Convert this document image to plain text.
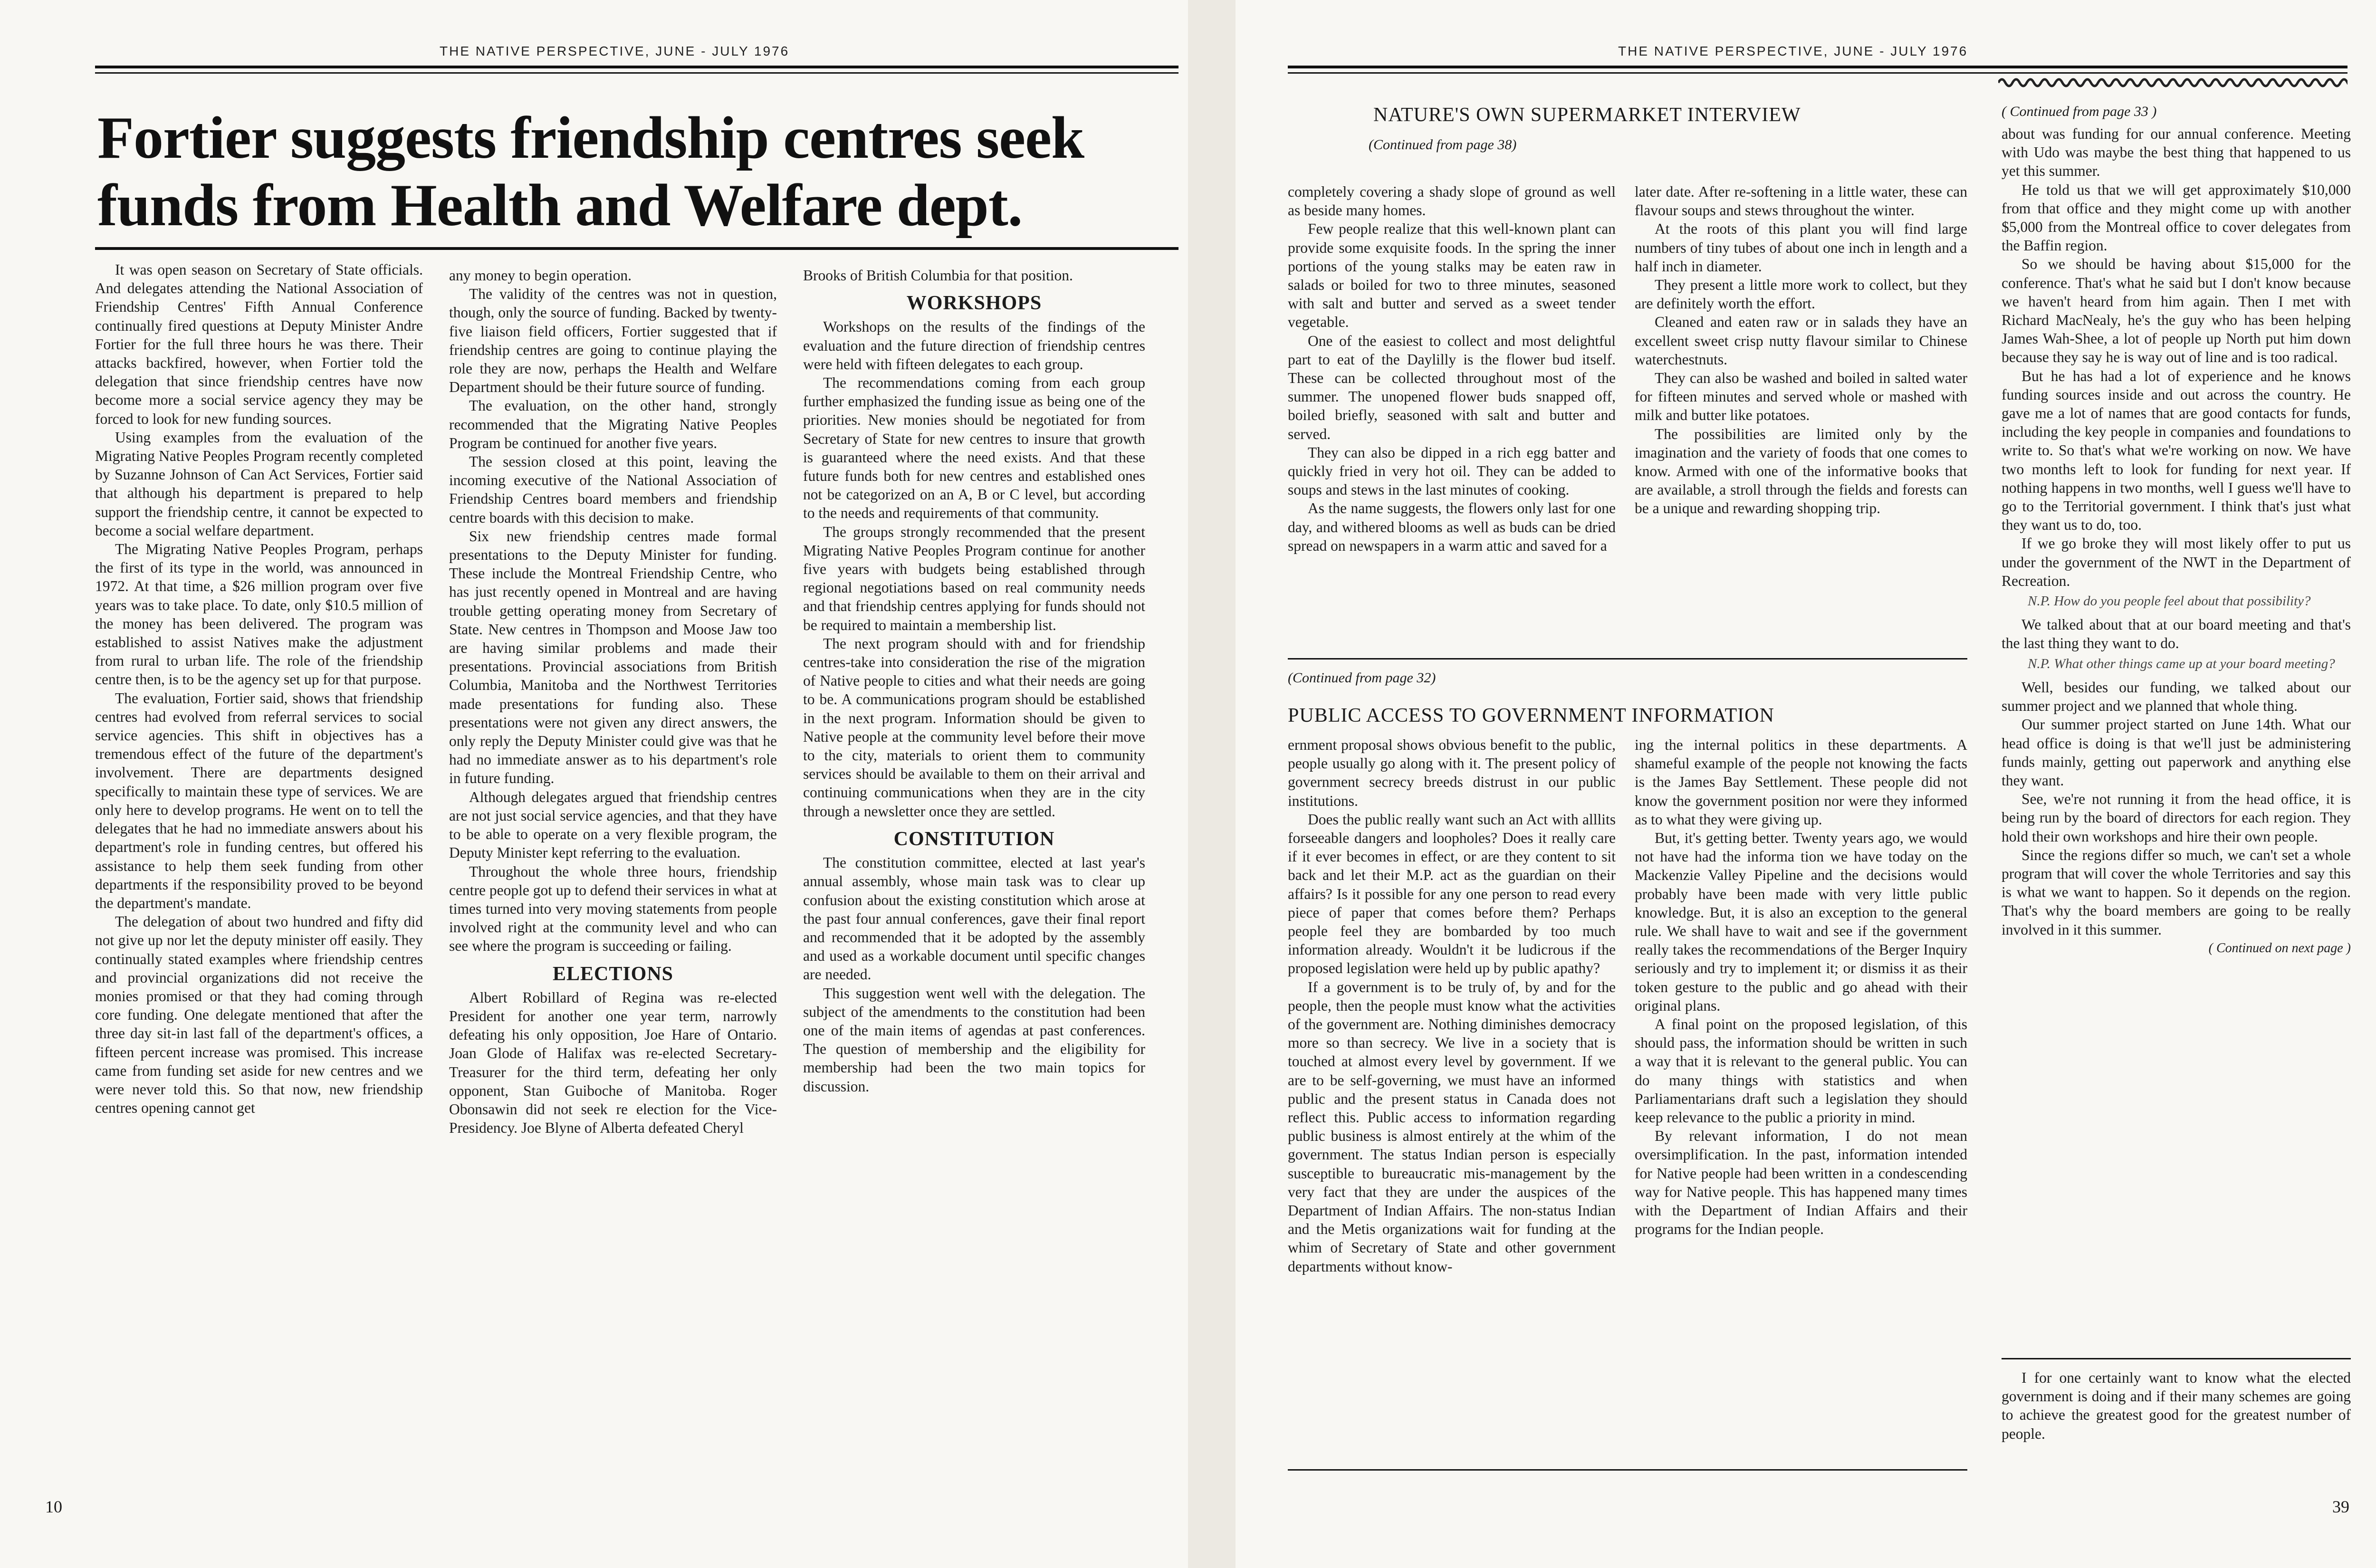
THE NATIVE PERSPECTIVE, JUNE - JULY 1976
Fortier suggests friendship centres seek funds from Health and Welfare dept.

It was open season on Secretary of State officials. And delegates attending the National Association of Friendship Centres' Fifth Annual Conference continually fired questions at Deputy Minister Andre Fortier for the full three hours he was there. Their attacks backfired, however, when Fortier told the delegation that since friendship centres have now become more a social service agency they may be forced to look for new funding sources.

Using examples from the evaluation of the Migrating Native Peoples Program recently completed by Suzanne Johnson of Can Act Services, Fortier said that although his department is prepared to help support the friendship centre, it cannot be expected to become a social welfare department.

The Migrating Native Peoples Program, perhaps the first of its type in the world, was announced in 1972. At that time, a $26 million program over five years was to take place. To date, only $10.5 million of the money has been delivered. The program was established to assist Natives make the adjustment from rural to urban life. The role of the friendship centre then, is to be the agency set up for that purpose.

The evaluation, Fortier said, shows that friendship centres had evolved from referral services to social service agencies. This shift in objectives has a tremendous effect of the future of the department's involvement. There are departments designed specifically to maintain these type of services. We are only here to develop programs. He went on to tell the delegates that he had no immediate answers about his department's role in funding centres, but offered his assistance to help them seek funding from other departments if the responsibility proved to be beyond the department's mandate.

The delegation of about two hundred and fifty did not give up nor let the deputy minister off easily. They continually stated examples where friendship centres and provincial organizations did not receive the monies promised or that they had coming through core funding. One delegate mentioned that after the three day sit-in last fall of the department's offices, a fifteen percent increase was promised. This increase came from funding set aside for new centres and we were never told this. So that now, new friendship centres opening cannot get

any money to begin operation.

The validity of the centres was not in question, though, only the source of funding. Backed by twenty-five liaison field officers, Fortier suggested that if friendship centres are going to continue playing the role they are now, perhaps the Health and Welfare Department should be their future source of funding.

The evaluation, on the other hand, strongly recommended that the Migrating Native Peoples Program be continued for another five years.

The session closed at this point, leaving the incoming executive of the National Association of Friendship Centres board members and friendship centre boards with this decision to make.

Six new friendship centres made formal presentations to the Deputy Minister for funding. These include the Montreal Friendship Centre, who has just recently opened in Montreal and are having trouble getting operating money from Secretary of State. New centres in Thompson and Moose Jaw too are having similar problems and made their presentations. Provincial associations from British Columbia, Manitoba and the Northwest Territories made presentations for funding also. These presentations were not given any direct answers, the only reply the Deputy Minister could give was that he had no immediate answer as to his department's role in future funding.

Although delegates argued that friendship centres are not just social service agencies, and that they have to be able to operate on a very flexible program, the Deputy Minister kept referring to the evaluation.

Throughout the whole three hours, friendship centre people got up to defend their services in what at times turned into very moving statements from people involved right at the community level and who can see where the program is succeeding or failing.

ELECTIONS

Albert Robillard of Regina was re-elected President for another one year term, narrowly defeating his only opposition, Joe Hare of Ontario. Joan Glode of Halifax was re-elected Secretary-Treasurer for the third term, defeating her only opponent, Stan Guiboche of Manitoba. Roger Obonsawin did not seek re election for the Vice-Presidency. Joe Blyne of Alberta defeated Cheryl

Brooks of British Columbia for that position.

WORKSHOPS

Workshops on the results of the findings of the evaluation and the future direction of friendship centres were held with fifteen delegates to each group.

The recommendations coming from each group further emphasized the funding issue as being one of the priorities. New monies should be negotiated for from Secretary of State for new centres to insure that growth is guaranteed where the need exists. And that these future funds both for new centres and established ones not be categorized on an A, B or C level, but according to the needs and requirements of that community.

The groups strongly recommended that the present Migrating Native Peoples Program continue for another five years with budgets being established through regional negotiations based on real community needs and that friendship centres applying for funds should not be required to maintain a membership list.

The next program should with and for friendship centres-take into consideration the rise of the migration of Native people to cities and what their needs are going to be. A communications program should be established in the next program. Information should be given to Native people at the community level before their move to the city, materials to orient them to community services should be available to them on their arrival and continuing communications when they are in the city through a newsletter once they are settled.

CONSTITUTION

The constitution committee, elected at last year's annual assembly, whose main task was to clear up confusion about the existing constitution which arose at the past four annual conferences, gave their final report and recommended that it be adopted by the assembly and used as a workable document until specific changes are needed.

This suggestion went well with the delegation. The subject of the amendments to the constitution had been one of the main items of agendas at past conferences. The question of membership and the eligibility for membership had been the two main topics for discussion.

10
THE NATIVE PERSPECTIVE, JUNE - JULY 1976
NATURE'S OWN SUPERMARKET INTERVIEW
(Continued from page 38)

completely covering a shady slope of ground as well as beside many homes.

Few people realize that this well-known plant can provide some exquisite foods. In the spring the inner portions of the young stalks may be eaten raw in salads or boiled for two to three minutes, seasoned with salt and butter and served as a sweet tender vegetable.

One of the easiest to collect and most delightful part to eat of the Daylilly is the flower bud itself. These can be collected throughout most of the summer. The unopened flower buds snapped off, boiled briefly, seasoned with salt and butter and served.

They can also be dipped in a rich egg batter and quickly fried in very hot oil. They can be added to soups and stews in the last minutes of cooking.

As the name suggests, the flowers only last for one day, and withered blooms as well as buds can be dried spread on newspapers in a warm attic and saved for a

later date. After re-softening in a little water, these can flavour soups and stews throughout the winter.

At the roots of this plant you will find large numbers of tiny tubes of about one inch in length and a half inch in diameter.

They present a little more work to collect, but they are definitely worth the effort.

Cleaned and eaten raw or in salads they have an excellent sweet crisp nutty flavour similar to Chinese waterchestnuts.

They can also be washed and boiled in salted water for fifteen minutes and served whole or mashed with milk and butter like potatoes.

The possibilities are limited only by the imagination and the variety of foods that one comes to know. Armed with one of the informative books that are available, a stroll through the fields and forests can be a unique and rewarding shopping trip.

(Continued from page 32)
PUBLIC ACCESS TO GOVERNMENT INFORMATION

ernment proposal shows obvious benefit to the public, people usually go along with it. The present policy of government secrecy breeds distrust in our public institutions.

Does the public really want such an Act with alllits forseeable dangers and loopholes? Does it really care if it ever becomes in effect, or are they content to sit back and let their M.P. act as the guardian on their affairs? Is it possible for any one person to read every piece of paper that comes before them? Perhaps people feel they are bombarded by too much information already. Wouldn't it be ludicrous if the proposed legislation were held up by public apathy?

If a government is to be truly of, by and for the people, then the people must know what the activities of the government are. Nothing diminishes democracy more so than secrecy. We live in a society that is touched at almost every level by government. If we are to be self-governing, we must have an informed public and the present status in Canada does not reflect this. Public access to information regarding public business is almost entirely at the whim of the government. The status Indian person is especially susceptible to bureaucratic mis-management by the very fact that they are under the auspices of the Department of Indian Affairs. The non-status Indian and the Metis organizations wait for funding at the whim of Secretary of State and other government departments without know-

ing the internal politics in these departments. A shameful example of the people not knowing the facts is the James Bay Settlement. These people did not know the government position nor were they informed as to what they were giving up.

But, it's getting better. Twenty years ago, we would not have had the informa tion we have today on the Mackenzie Valley Pipeline and the decisions would probably have been made with very little public knowledge. But, it is also an exception to the general rule. We shall have to wait and see if the government really takes the recommendations of the Berger Inquiry seriously and try to implement it; or dismiss it as their token gesture to the public and go ahead with their original plans.

A final point on the proposed legislation, of this should pass, the information should be written in such a way that it is relevant to the general public. You can do many things with statistics and when Parliamentarians draft such a legislation they should keep relevance to the public a priority in mind.

By relevant information, I do not mean oversimplification. In the past, information intended for Native people had been written in a condescending way for Native people. This has happened many times with the Department of Indian Affairs and their programs for the Indian people.

( Continued from page 33 )

about was funding for our annual conference. Meeting with Udo was maybe the best thing that happened to us yet this summer.

He told us that we will get approximately $10,000 from that office and they might come up with another $5,000 from the Montreal office to cover delegates from the Baffin region.

So we should be having about $15,000 for the conference. That's what he said but I don't know because we haven't heard from him again. Then I met with Richard MacNealy, he's the guy who has been helping James Wah-Shee, a lot of people up North put him down because they say he is way out of line and is too radical.

But he has had a lot of experience and he knows funding sources inside and out across the country. He gave me a lot of names that are good contacts for funds, including the key people in companies and foundations to write to. So that's what we're working on now. We have two months left to look for funding for next year. If nothing happens in two months, well I guess we'll have to go to the Territorial government. I think that's just what they want us to do, too.

If we go broke they will most likely offer to put us under the government of the NWT in the Department of Recreation.

N.P. How do you people feel about that possibility?

We talked about that at our board meeting and that's the last thing they want to do.

N.P. What other things came up at your board meeting?

Well, besides our funding, we talked about our summer project and we planned that whole thing.

Our summer project started on June 14th. What our head office is doing is that we'll just be administering funds mainly, getting out paperwork and anything else they want.

See, we're not running it from the head office, it is being run by the board of directors for each region. They hold their own workshops and hire their own people.

Since the regions differ so much, we can't set a whole program that will cover the whole Territories and say this is what we want to happen. So it depends on the region. That's why the board members are going to be really involved in it this summer.

( Continued on next page )

I for one certainly want to know what the elected government is doing and if their many schemes are going to achieve the greatest good for the greatest number of people.

39
